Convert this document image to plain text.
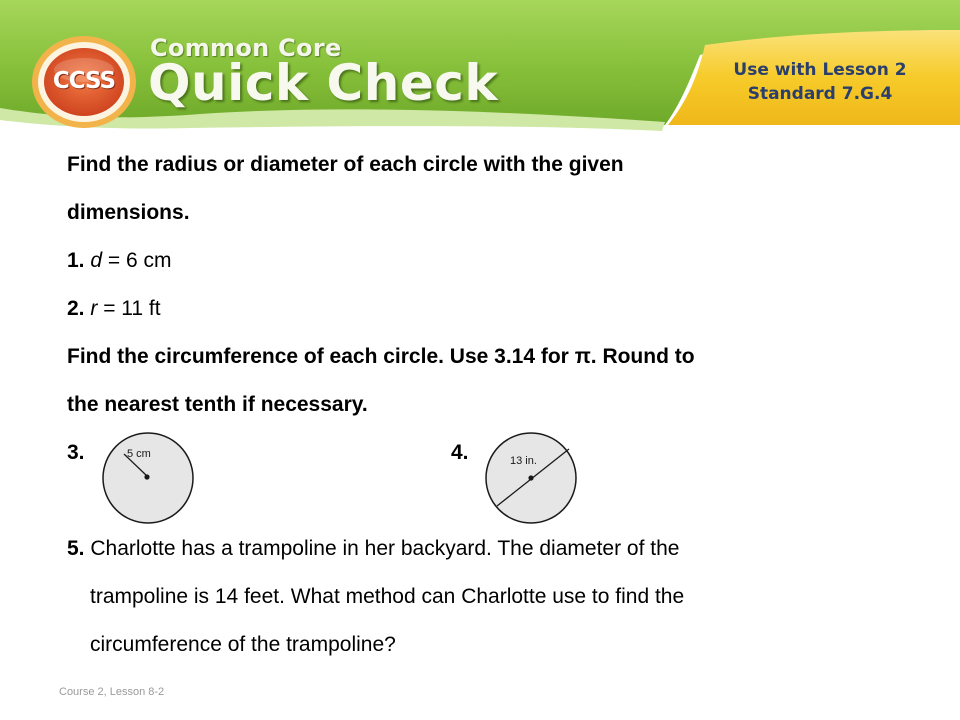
CCSS
Common Core
Quick Check	Use with Lesson 2
Standard 7.G.4
Find the radius or diameter of each circle with the given
dimensions.
1. d = 6 cm
2. r = 11 ft
Find the circumference of each circle. Use 3.14 for π. Round to
the nearest tenth if necessary.
3.	4.
5 cm
13 in.
5. Charlotte has a trampoline in her backyard. The diameter of the
trampoline is 14 feet. What method can Charlotte use to find the
circumference of the trampoline?
Course 2, Lesson 8-2
